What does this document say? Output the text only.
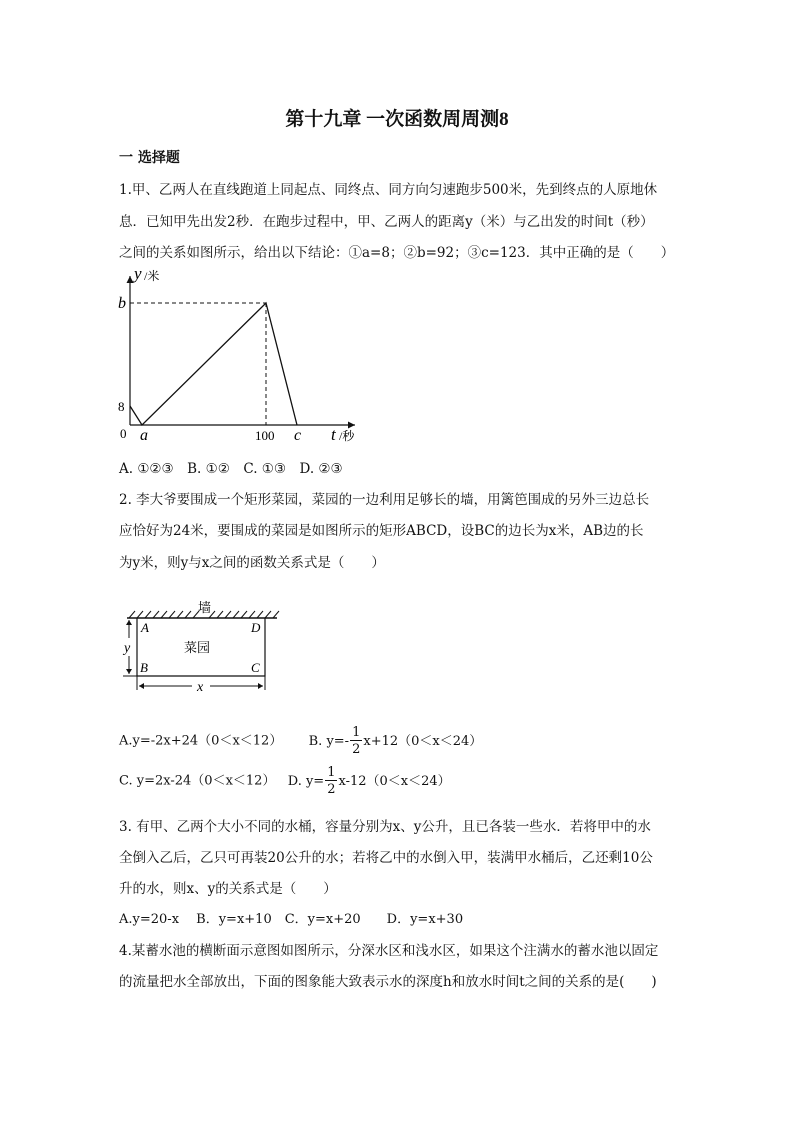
第十九章 一次函数周周测8
一 选择题
1.甲、乙两人在直线跑道上同起点、同终点、同方向匀速跑步500米，先到终点的人原地休
息．已知甲先出发2秒．在跑步过程中，甲、乙两人的距离y（米）与乙出发的时间t（秒）
之间的关系如图所示，给出以下结论：①a=8；②b=92；③c=123．其中正确的是（　　）
y /米
b
8
0 a	100 c t /秒
A. ①②③　B. ①②　C. ①③　D. ②③
2. 李大爷要围成一个矩形菜园，菜园的一边利用足够长的墙，用篱笆围成的另外三边总长
应恰好为24米，要围成的菜园是如图所示的矩形ABCD，设BC的边长为x米，AB边的长
为y米，则y与x之间的函数关系式是（　　）
墙
y
x
A	D
B	C
菜园
A.y=-2x+24（0＜x＜12） B. $y=- \frac{1}{2} x+12(0<x<24)$
C. y=2x-24（0＜x＜12） D. $y= \frac{1}{2} x-12(0<x<24)$
3. 有甲、乙两个大小不同的水桶，容量分别为x、y公升，且已各装一些水．若将甲中的水
全倒入乙后，乙只可再装20公升的水；若将乙中的水倒入甲，装满甲水桶后，乙还剩10公
升的水，则x、y的关系式是（　　）
A.y=20-x　 B．y=x+10　C．y=x+20　　D．y=x+30
4.某蓄水池的横断面示意图如图所示，分深水区和浅水区，如果这个注满水的蓄水池以固定
的流量把水全部放出，下面的图象能大致表示水的深度h和放水时间t之间的关系的是(　　)
